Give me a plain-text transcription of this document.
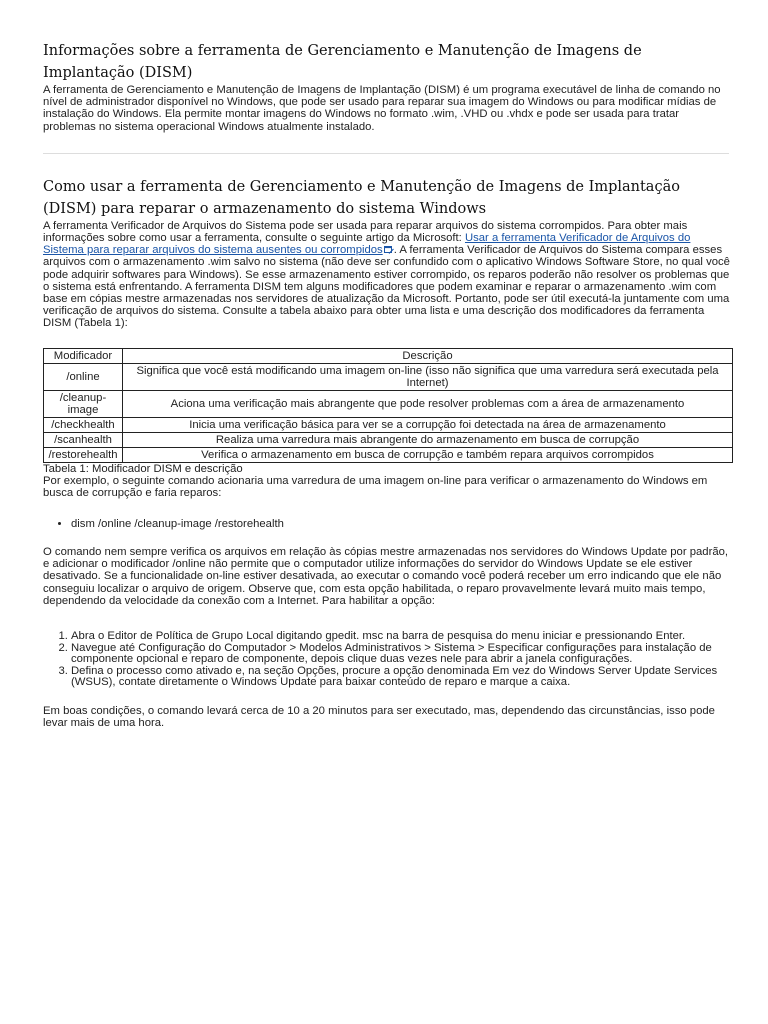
Informações sobre a ferramenta de Gerenciamento e Manutenção de Imagens de Implantação (DISM)

A ferramenta de Gerenciamento e Manutenção de Imagens de Implantação (DISM) é um programa executável de linha de comando no nível de administrador disponível no Windows, que pode ser usado para reparar sua imagem do Windows ou para modificar mídias de instalação do Windows. Ela permite montar imagens do Windows no formato .wim, .VHD ou .vhdx e pode ser usada para tratar problemas no sistema operacional Windows atualmente instalado.

Como usar a ferramenta de Gerenciamento e Manutenção de Imagens de Implantação (DISM) para reparar o armazenamento do sistema Windows

A ferramenta Verificador de Arquivos do Sistema pode ser usada para reparar arquivos do sistema corrompidos. Para obter mais informações sobre como usar a ferramenta, consulte o seguinte artigo da Microsoft: Usar a ferramenta Verificador de Arquivos do Sistema para reparar arquivos do sistema ausentes ou corrompidos . A ferramenta Verificador de Arquivos do Sistema compara esses arquivos com o armazenamento .wim salvo no sistema (não deve ser confundido com o aplicativo Windows Software Store, no qual você pode adquirir softwares para Windows). Se esse armazenamento estiver corrompido, os reparos poderão não resolver os problemas que o sistema está enfrentando. A ferramenta DISM tem alguns modificadores que podem examinar e reparar o armazenamento .wim com base em cópias mestre armazenadas nos servidores de atualização da Microsoft. Portanto, pode ser útil executá-la juntamente com uma verificação de arquivos do sistema. Consulte a tabela abaixo para obter uma lista e uma descrição dos modificadores da ferramenta DISM (Tabela 1):

Modificador	Descrição
/online	Significa que você está modificando uma imagem on-line (isso não significa que uma varredura será executada pela Internet)
/cleanup-image	Aciona uma verificação mais abrangente que pode resolver problemas com a área de armazenamento
/checkhealth	Inicia uma verificação básica para ver se a corrupção foi detectada na área de armazenamento
/scanhealth	Realiza uma varredura mais abrangente do armazenamento em busca de corrupção
/restorehealth	Verifica o armazenamento em busca de corrupção e também repara arquivos corrompidos
Tabela 1: Modificador DISM e descrição

Por exemplo, o seguinte comando acionaria uma varredura de uma imagem on-line para verificar o armazenamento do Windows em busca de corrupção e faria reparos:

• dism /online /cleanup-image /restorehealth

O comando nem sempre verifica os arquivos em relação às cópias mestre armazenadas nos servidores do Windows Update por padrão, e adicionar o modificador /online não permite que o computador utilize informações do servidor do Windows Update se ele estiver desativado. Se a funcionalidade on-line estiver desativada, ao executar o comando você poderá receber um erro indicando que ele não conseguiu localizar o arquivo de origem. Observe que, com esta opção habilitada, o reparo provavelmente levará muito mais tempo, dependendo da velocidade da conexão com a Internet. Para habilitar a opção:

1. Abra o Editor de Política de Grupo Local digitando gpedit. msc na barra de pesquisa do menu iniciar e pressionando Enter.
2. Navegue até Configuração do Computador > Modelos Administrativos > Sistema > Especificar configurações para instalação de componente opcional e reparo de componente, depois clique duas vezes nele para abrir a janela configurações.
3. Defina o processo como ativado e, na seção Opções, procure a opção denominada Em vez do Windows Server Update Services (WSUS), contate diretamente o Windows Update para baixar conteúdo de reparo e marque a caixa.

Em boas condições, o comando levará cerca de 10 a 20 minutos para ser executado, mas, dependendo das circunstâncias, isso pode levar mais de uma hora.
